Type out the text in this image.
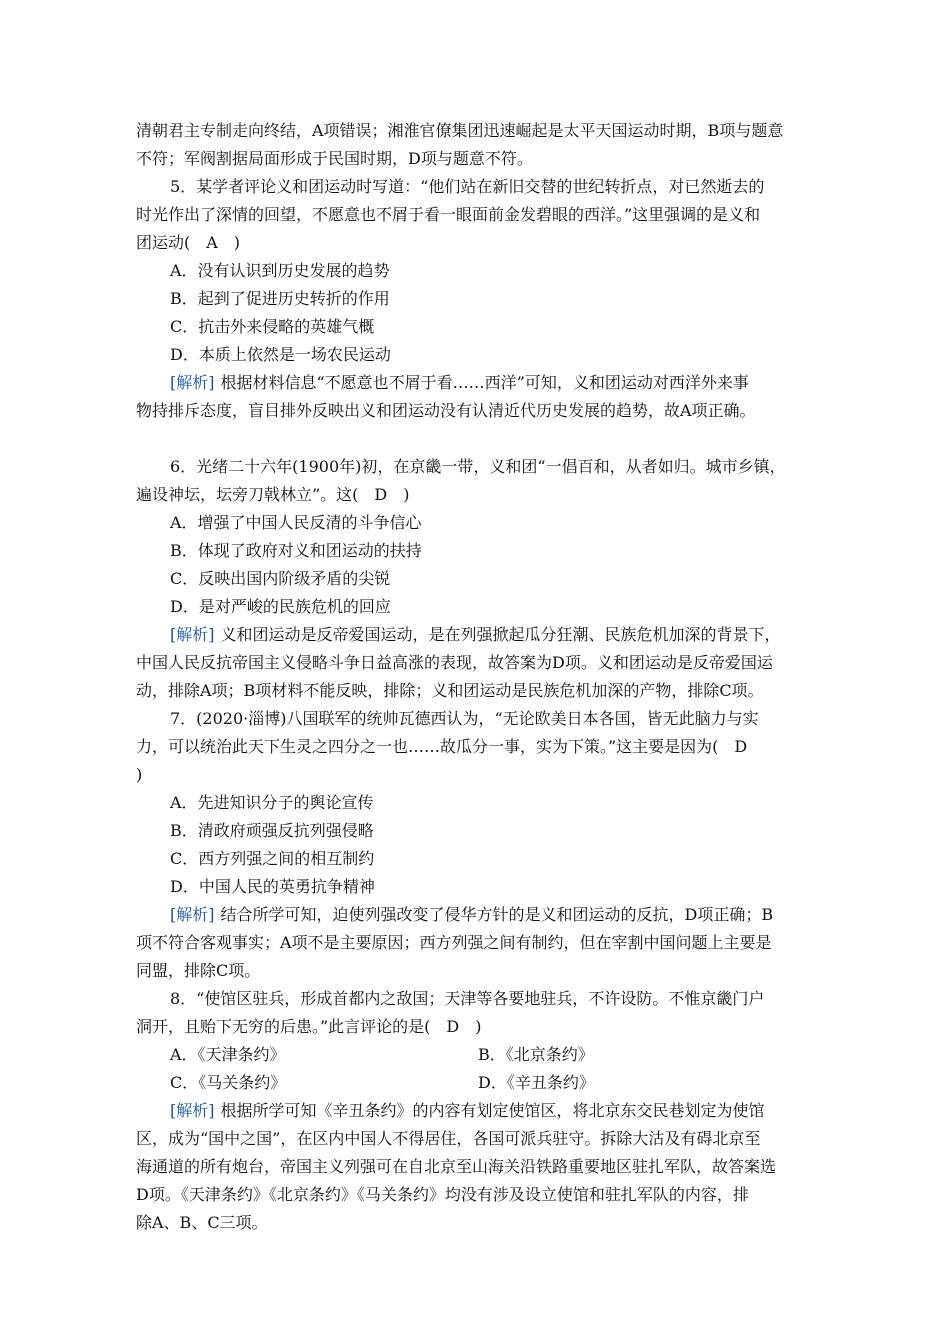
清朝君主专制走向终结，A项错误；湘淮官僚集团迅速崛起是太平天国运动时期，B项与题意
不符；军阀割据局面形成于民国时期，D项与题意不符。
5．某学者评论义和团运动时写道：“他们站在新旧交替的世纪转折点，对已然逝去的
时光作出了深情的回望，不愿意也不屑于看一眼面前金发碧眼的西洋。”这里强调的是义和
团运动(　A　)
A．没有认识到历史发展的趋势
B．起到了促进历史转折的作用
C．抗击外来侵略的英雄气概
D．本质上依然是一场农民运动
[解析] 根据材料信息“不愿意也不屑于看……西洋”可知，义和团运动对西洋外来事
物持排斥态度，盲目排外反映出义和团运动没有认清近代历史发展的趋势，故A项正确。
6．光绪二十六年(1900年)初，在京畿一带，义和团“一倡百和，从者如归。城市乡镇，
遍设神坛，坛旁刀戟林立”。这(　D　)
A．增强了中国人民反清的斗争信心
B．体现了政府对义和团运动的扶持
C．反映出国内阶级矛盾的尖锐
D．是对严峻的民族危机的回应
[解析] 义和团运动是反帝爱国运动，是在列强掀起瓜分狂潮、民族危机加深的背景下，
中国人民反抗帝国主义侵略斗争日益高涨的表现，故答案为D项。义和团运动是反帝爱国运
动，排除A项；B项材料不能反映，排除；义和团运动是民族危机加深的产物，排除C项。
7．(2020·淄博)八国联军的统帅瓦德西认为，“无论欧美日本各国，皆无此脑力与实
力，可以统治此天下生灵之四分之一也……故瓜分一事，实为下策。”这主要是因为(　D
)
A．先进知识分子的舆论宣传
B．清政府顽强反抗列强侵略
C．西方列强之间的相互制约
D．中国人民的英勇抗争精神
[解析] 结合所学可知，迫使列强改变了侵华方针的是义和团运动的反抗，D项正确；B
项不符合客观事实；A项不是主要原因；西方列强之间有制约，但在宰割中国问题上主要是
同盟，排除C项。
8．“使馆区驻兵，形成首都内之敌国；天津等各要地驻兵，不许设防。不惟京畿门户
洞开，且贻下无穷的后患。”此言评论的是(　D　)
A．《天津条约》	B．《北京条约》
C．《马关条约》	D．《辛丑条约》
[解析] 根据所学可知《辛丑条约》的内容有划定使馆区，将北京东交民巷划定为使馆
区，成为“国中之国”，在区内中国人不得居住，各国可派兵驻守。拆除大沽及有碍北京至
海通道的所有炮台，帝国主义列强可在自北京至山海关沿铁路重要地区驻扎军队，故答案选
D项。《天津条约》《北京条约》《马关条约》均没有涉及设立使馆和驻扎军队的内容，排
除A、B、C三项。
